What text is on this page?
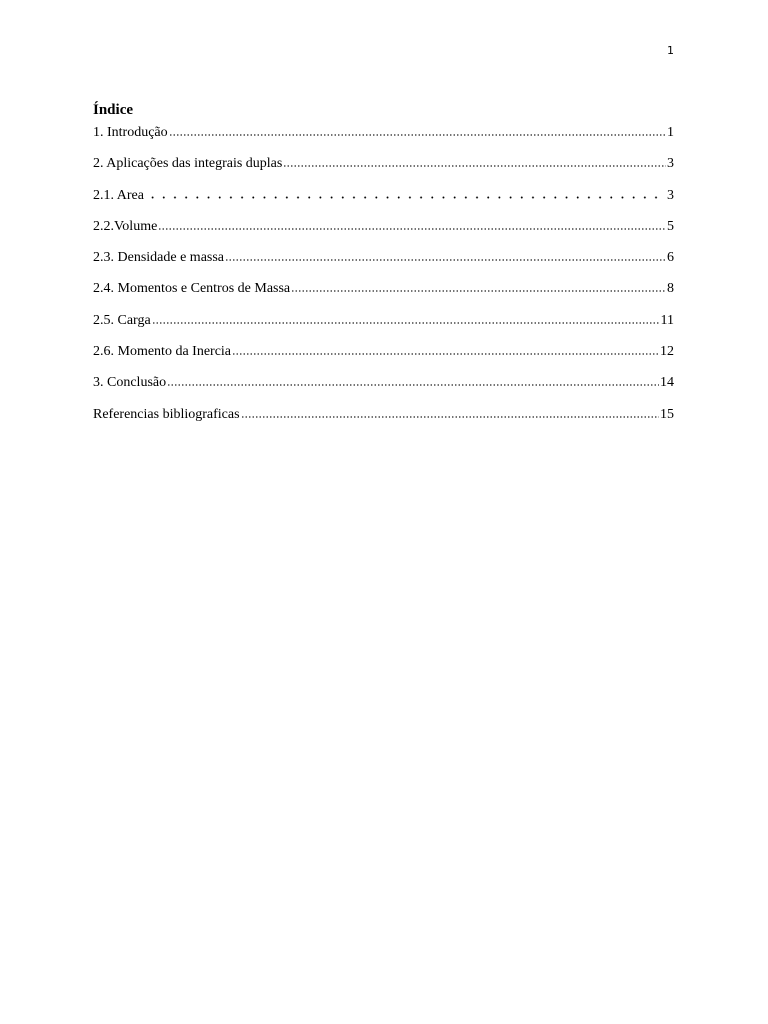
1
Índice
1. Introdução	1
2. Aplicações das integrais duplas	3
2.1. Area	3
2.2.Volume	5
2.3. Densidade e massa	6
2.4. Momentos e Centros de Massa	8
2.5. Carga	11
2.6. Momento da Inercia	12
3. Conclusão	14
Referencias bibliograficas	15
